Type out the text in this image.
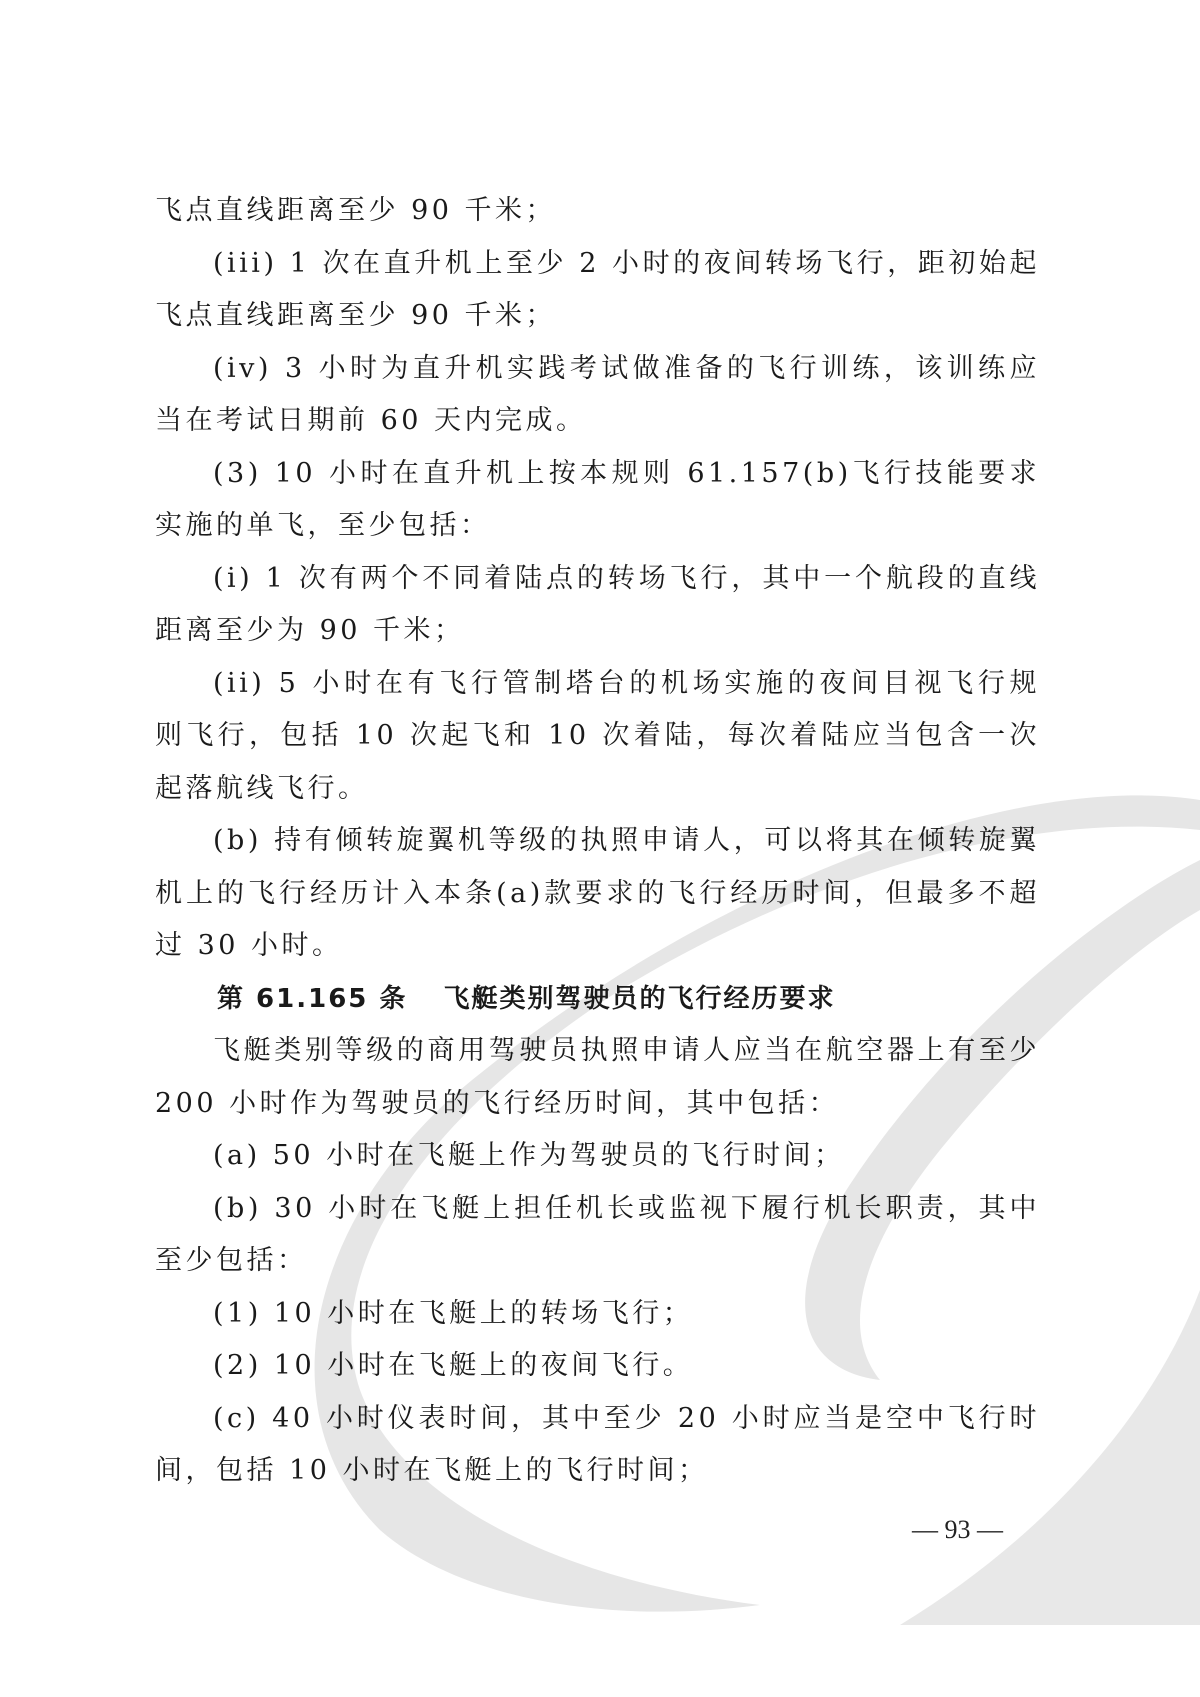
飞点直线距离至少 90 千米；

(iii) 1 次在直升机上至少 2 小时的夜间转场飞行，距初始起飞点直线距离至少 90 千米；

(iv) 3 小时为直升机实践考试做准备的飞行训练，该训练应当在考试日期前 60 天内完成。

(3) 10 小时在直升机上按本规则 61.157(b)飞行技能要求实施的单飞，至少包括：

(i) 1 次有两个不同着陆点的转场飞行，其中一个航段的直线距离至少为 90 千米；

(ii) 5 小时在有飞行管制塔台的机场实施的夜间目视飞行规则飞行，包括 10 次起飞和 10 次着陆，每次着陆应当包含一次起落航线飞行。

(b) 持有倾转旋翼机等级的执照申请人，可以将其在倾转旋翼机上的飞行经历计入本条(a)款要求的飞行经历时间，但最多不超过 30 小时。

第 61.165 条 飞艇类别驾驶员的飞行经历要求

飞艇类别等级的商用驾驶员执照申请人应当在航空器上有至少 200 小时作为驾驶员的飞行经历时间，其中包括：

(a) 50 小时在飞艇上作为驾驶员的飞行时间；

(b) 30 小时在飞艇上担任机长或监视下履行机长职责，其中至少包括：

(1) 10 小时在飞艇上的转场飞行；

(2) 10 小时在飞艇上的夜间飞行。

(c) 40 小时仪表时间，其中至少 20 小时应当是空中飞行时间，包括 10 小时在飞艇上的飞行时间；

— 93 —
